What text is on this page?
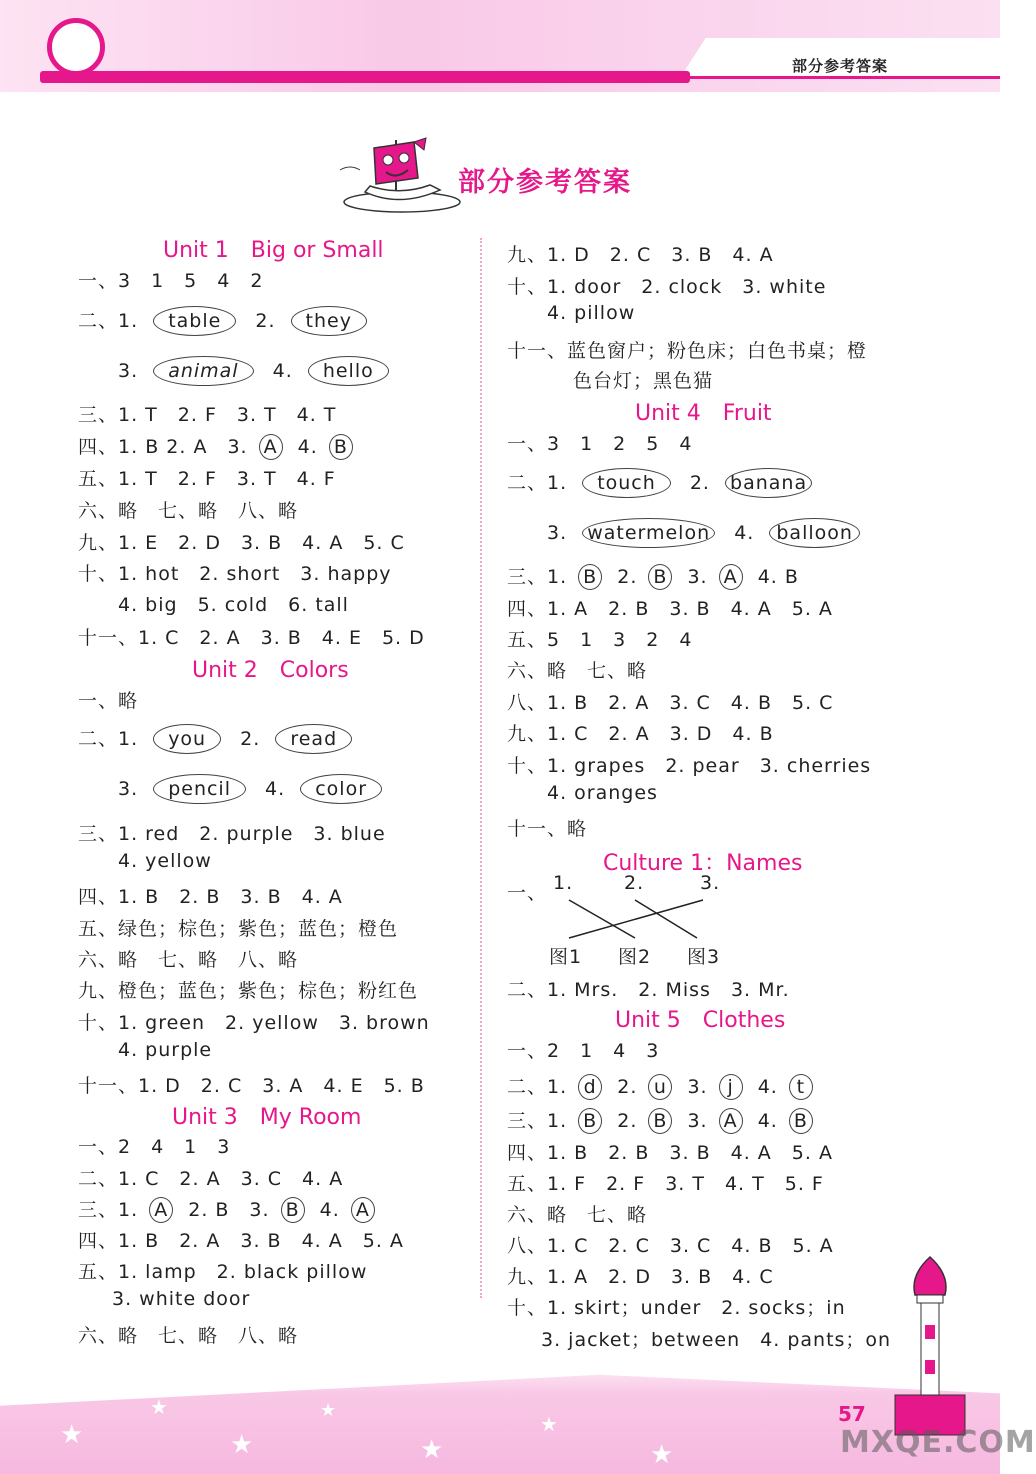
部分参考答案
部分参考答案
Unit 1　Big or Small
一、3　1　5　4　2
二、1. table 2. they
3. animal 4. hello
三、1. T　2. F　3. T　4. T
四、1. B 2. A　3. A 4. B
五、1. T　2. F　3. T　4. F
六、略　七、略　八、略
九、1. E　2. D　3. B　4. A　5. C
十、1. hot　2. short　3. happy
4. big　5. cold　6. tall
十一、1. C　2. A　3. B　4. E　5. D
Unit 2　Colors
一、略
二、1. you 2. read
3. pencil 4. color
三、1. red　2. purple　3. blue
4. yellow
四、1. B　2. B　3. B　4. A
五、绿色；棕色；紫色；蓝色；橙色
六、略　七、略　八、略
九、橙色；蓝色；紫色；棕色；粉红色
十、1. green　2. yellow　3. brown
4. purple
十一、1. D　2. C　3. A　4. E　5. B
Unit 3　My Room
一、2　4　1　3
二、1. C　2. A　3. C　4. A
三、1. A 2. B　3. B 4. A
四、1. B　2. A　3. B　4. A　5. A
五、1. lamp　2. black pillow
3. white door
六、略　七、略　八、略
九、1. D　2. C　3. B　4. A
十、1. door　2. clock　3. white
4. pillow
十一、蓝色窗户；粉色床；白色书桌；橙
色台灯；黑色猫
Unit 4　Fruit
一、3　1　2　5　4
二、1. touch 2. banana
3. watermelon 4. balloon
三、1. B 2. B 3. A 4. B
四、1. A　2. B　3. B　4. A　5. A
五、5　1　3　2　4
六、略　七、略
八、1. B　2. A　3. C　4. B　5. C
九、1. C　2. A　3. D　4. B
十、1. grapes　2. pear　3. cherries
4. oranges
十一、略
Culture 1：Names
一、 1.	2.	3.
图1 图2 图3
二、1. Mrs.　2. Miss　3. Mr.
Unit 5　Clothes
一、2　1　4　3
二、1. d 2. u 3. j 4. t
三、1. B 2. B 3. A 4. B
四、1. B　2. B　3. B　4. A　5. A
五、1. F　2. F　3. T　4. T　5. F
六、略　七、略
八、1. C　2. C　3. C　4. B　5. A
九、1. A　2. D　3. B　4. C
十、1. skirt；under　2. socks；in
3. jacket；between　4. pants；on
★
★
★
★
★
★
★
57
MXQE.COM
